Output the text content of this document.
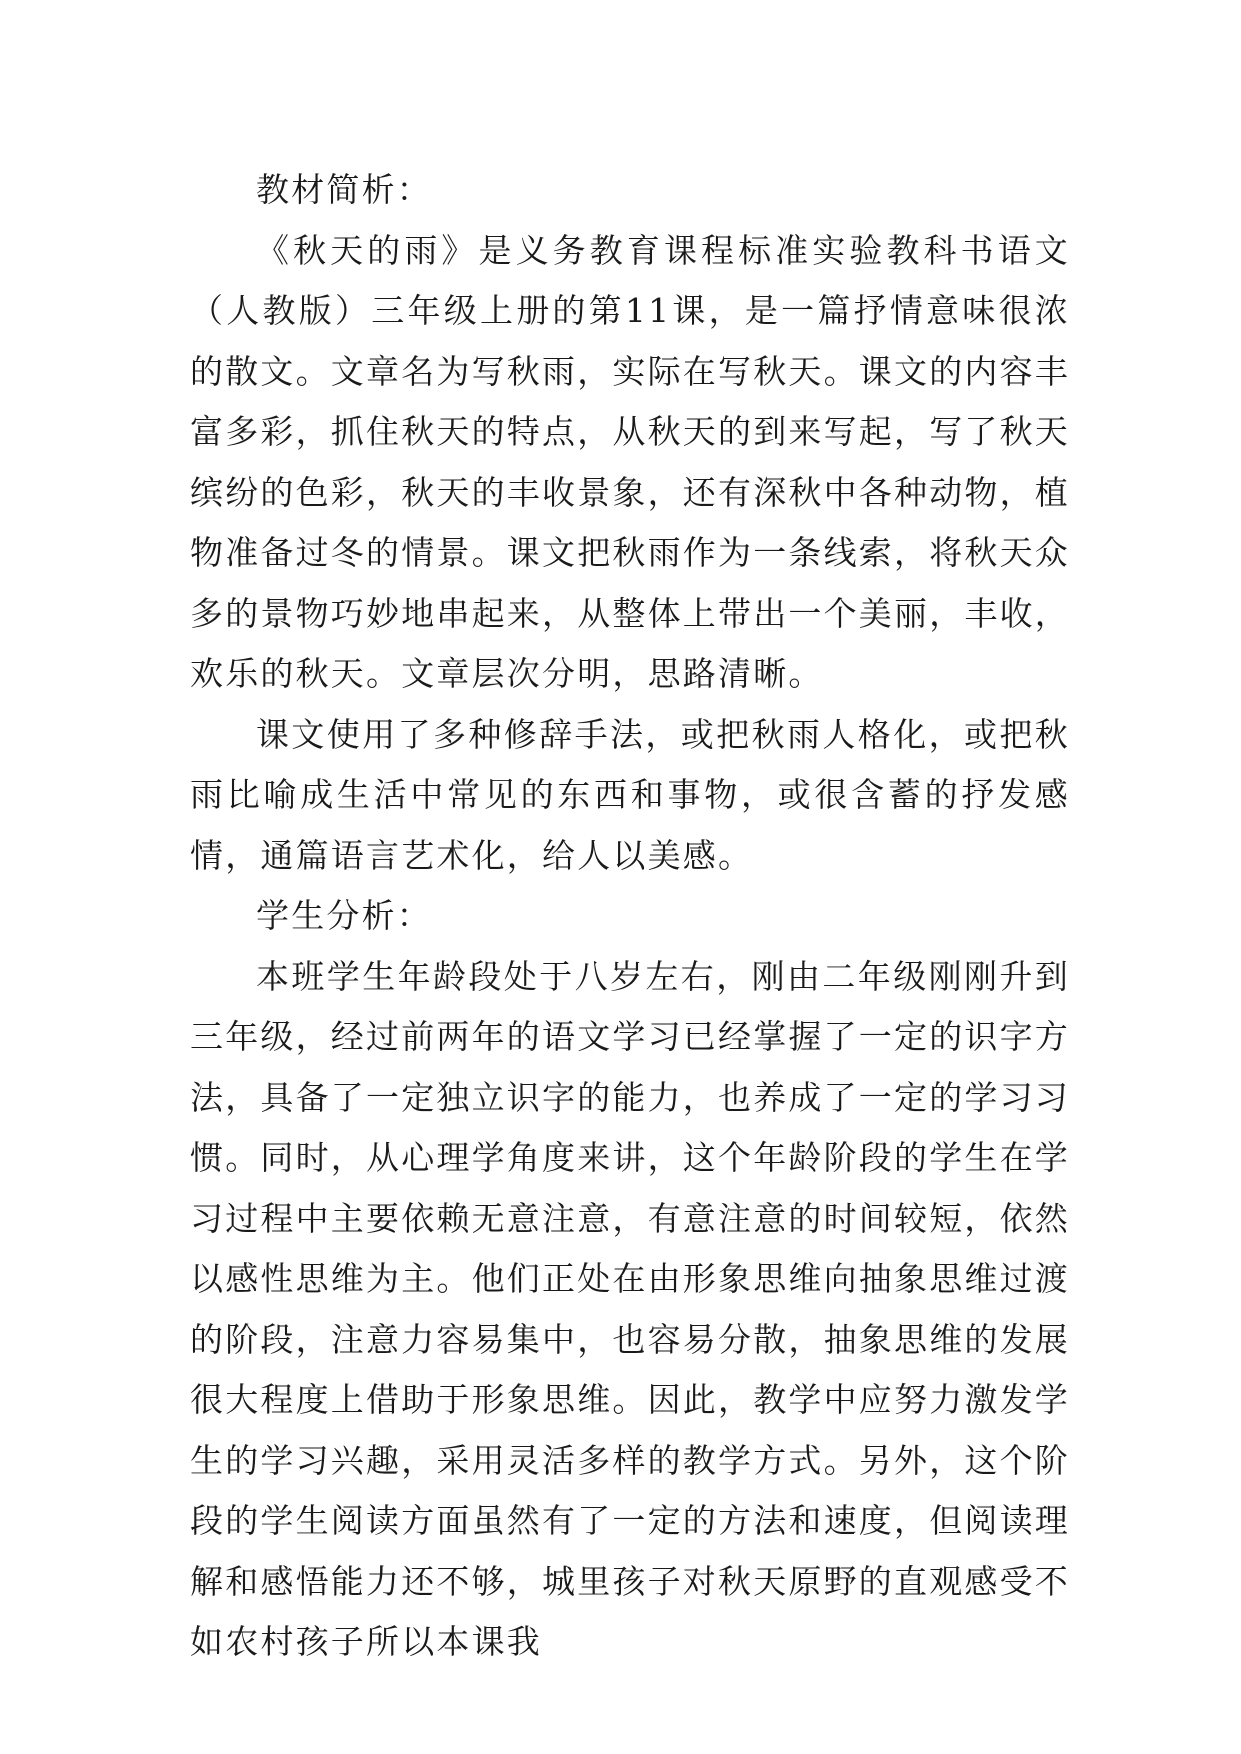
教材简析：

《秋天的雨》是义务教育课程标准实验教科书语文（人教版）三年级上册的第11课，是一篇抒情意味很浓的散文。文章名为写秋雨，实际在写秋天。课文的内容丰富多彩，抓住秋天的特点，从秋天的到来写起，写了秋天缤纷的色彩，秋天的丰收景象，还有深秋中各种动物，植物准备过冬的情景。课文把秋雨作为一条线索，将秋天众多的景物巧妙地串起来，从整体上带出一个美丽，丰收，欢乐的秋天。文章层次分明，思路清晰。

课文使用了多种修辞手法，或把秋雨人格化，或把秋雨比喻成生活中常见的东西和事物，或很含蓄的抒发感情，通篇语言艺术化，给人以美感。

学生分析：

本班学生年龄段处于八岁左右，刚由二年级刚刚升到三年级，经过前两年的语文学习已经掌握了一定的识字方法，具备了一定独立识字的能力，也养成了一定的学习习惯。同时，从心理学角度来讲，这个年龄阶段的学生在学习过程中主要依赖无意注意，有意注意的时间较短，依然以感性思维为主。他们正处在由形象思维向抽象思维过渡的阶段，注意力容易集中，也容易分散，抽象思维的发展很大程度上借助于形象思维。因此，教学中应努力激发学生的学习兴趣，采用灵活多样的教学方式。另外，这个阶段的学生阅读方面虽然有了一定的方法和速度，但阅读理解和感悟能力还不够，城里孩子对秋天原野的直观感受不如农村孩子所以本课我
